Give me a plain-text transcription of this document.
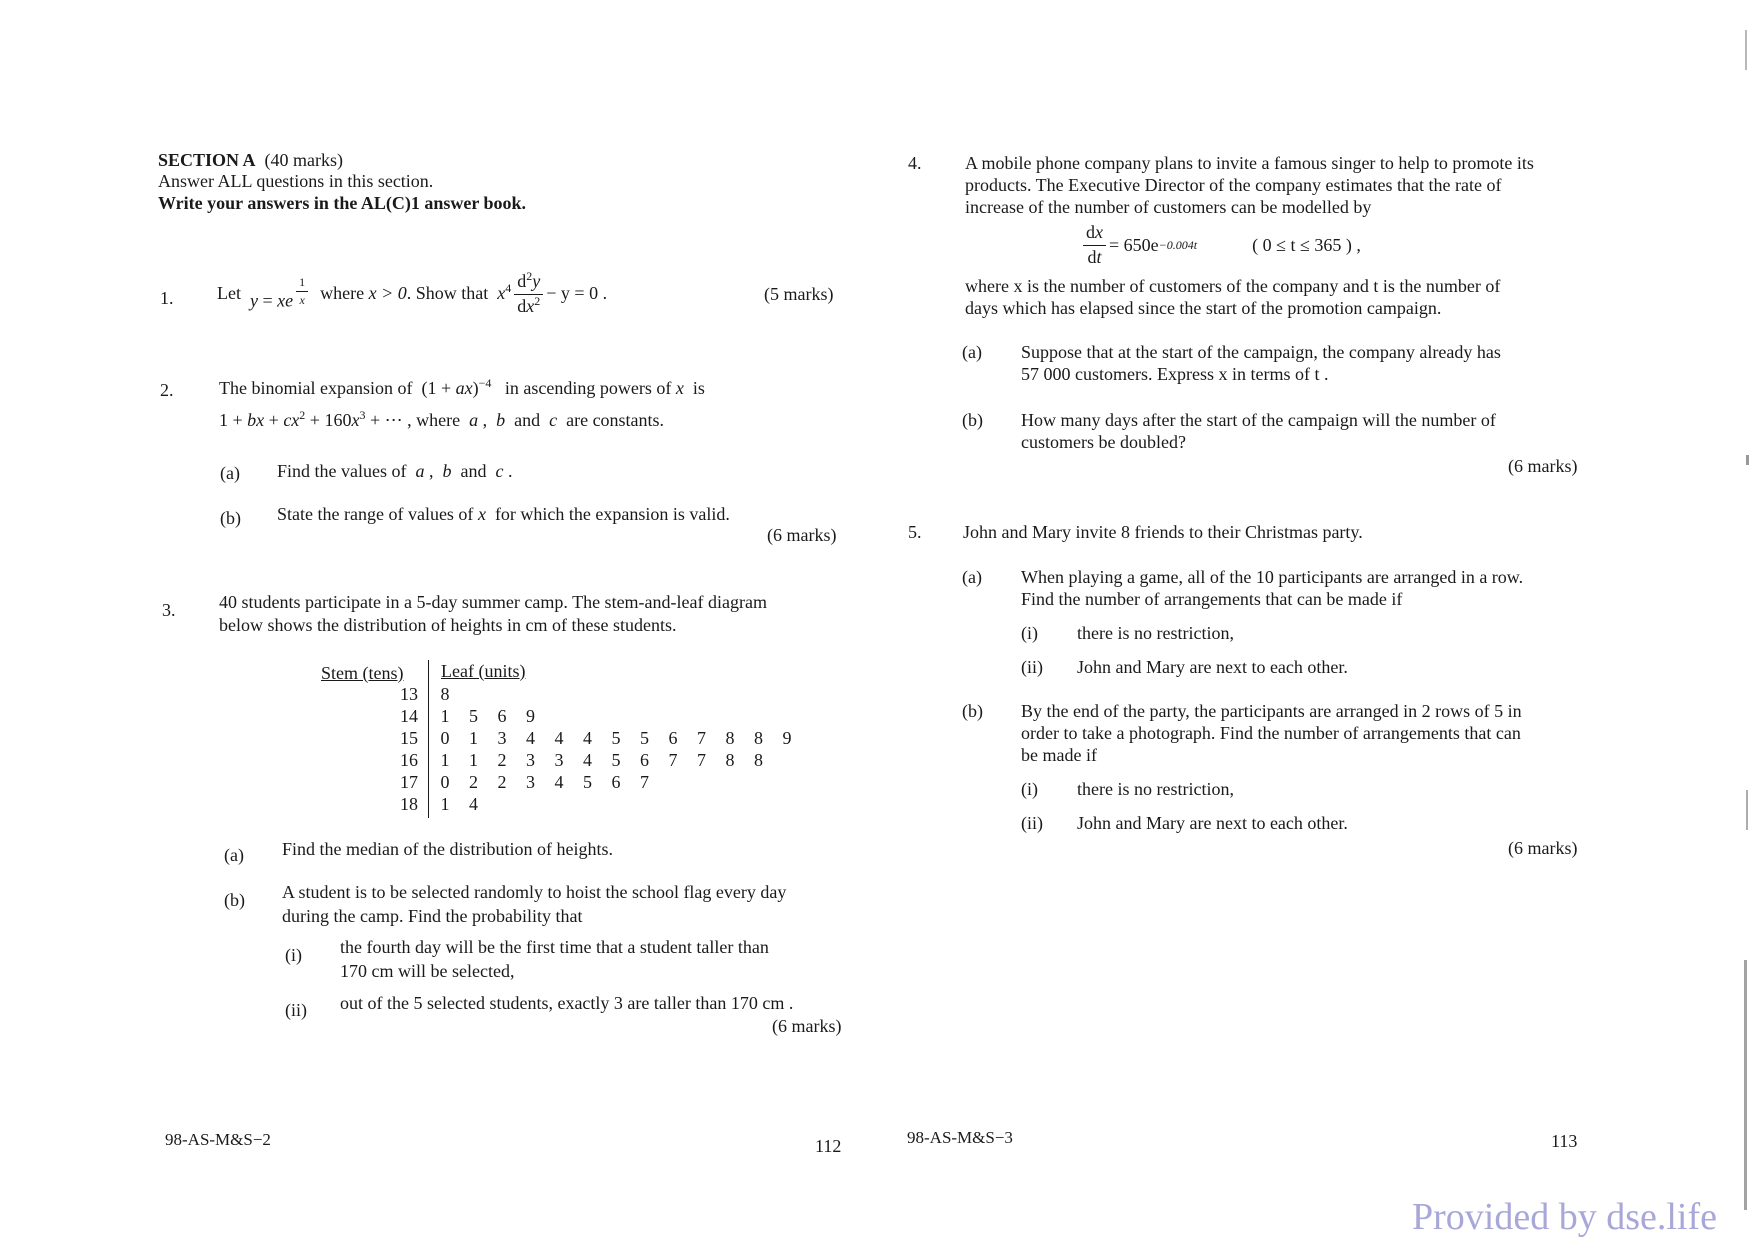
SECTION A (40 marks)
Answer ALL questions in this section.
Write your answers in the AL(C)1 answer book.
1. Let
y = xe $^{\frac{1}{x}}$
where
x > 0 . Show that
$x^4 \frac{d^2y}{dx^2} - y = 0$ .	(5 marks)
2.	The binomial expansion of (1 + ax)$^{-4}$ in ascending powers of x is
1 + bx + $cx^2 + 160x^3$ + ⋯ , where a ,  b  and  c are constants.
(a) Find the values of a ,  b  and  c .
(b) State the range of values of x for which the expansion is valid.
(6 marks)
3. 40 students participate in a 5-day summer camp. The stem-and-leaf diagram
below shows the distribution of heights in cm of these students.
Stem (tens) Leaf (units)
13 8
14 1 5 6 9
15 0 1 3 4 4 4 5 5 6 7 8 8 9
16 1 1 2 3 3 4 5 6 7 7 8 8
17 0 2 2 3 4 5 6 7
18 1 4
(a) Find the median of the distribution of heights.
(b) A student is to be selected randomly to hoist the school flag every day
during the camp. Find the probability that
(i) the fourth day will be the first time that a student taller than
170 cm will be selected,
(ii) out of the 5 selected students, exactly 3 are taller than 170 cm .
(6 marks)
98-AS-M&S−2	112
4. A mobile phone company plans to invite a famous singer to help to promote its
products. The Executive Director of the company estimates that the rate of
increase of the number of customers can be modelled by
$\frac{dx}{dt} = 650e -0.004t$	( 0 ≤ t ≤ 365 ) ,
where x is the number of customers of the company and t is the number of
days which has elapsed since the start of the promotion campaign.
(a) Suppose that at the start of the campaign, the company already has
57 000 customers. Express x in terms of t .
(b) How many days after the start of the campaign will the number of
customers be doubled?
(6 marks)
5. John and Mary invite 8 friends to their Christmas party.
(a) When playing a game, all of the 10 participants are arranged in a row.
Find the number of arrangements that can be made if
(i) there is no restriction,
(ii) John and Mary are next to each other.
(b) By the end of the party, the participants are arranged in 2 rows of 5 in
order to take a photograph. Find the number of arrangements that can
be made if
(i) there is no restriction,
(ii) John and Mary are next to each other.
(6 marks)
98-AS-M&S−3	113
Provided by dse.life
